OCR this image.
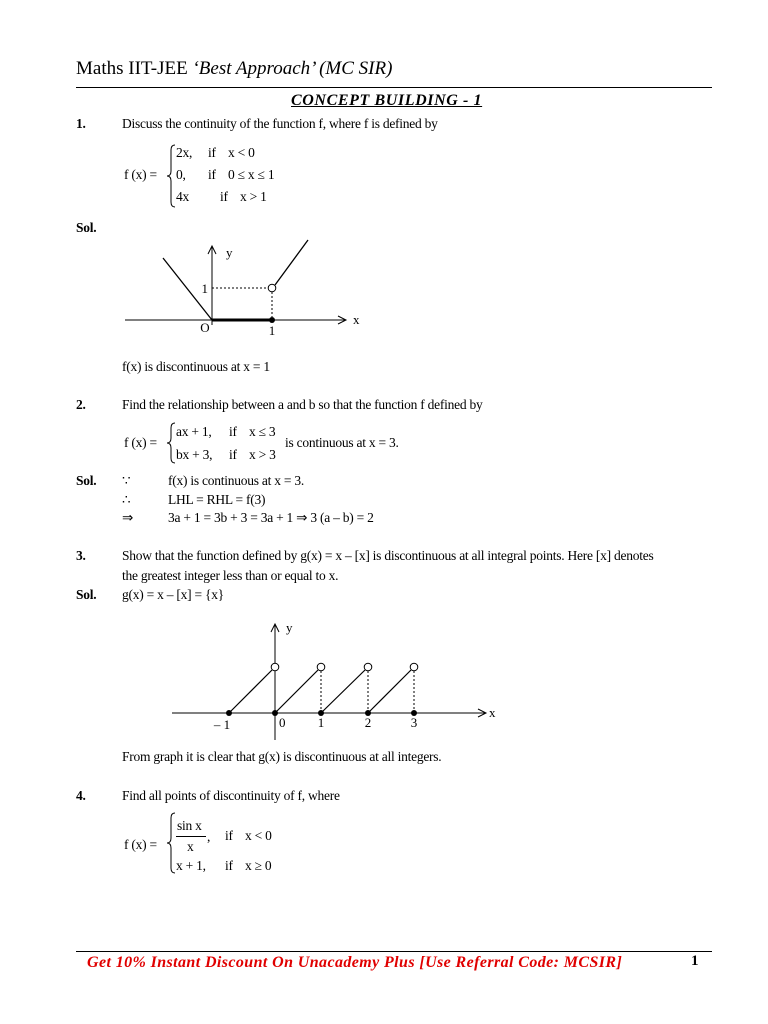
Maths IIT-JEE ‘Best Approach’ (MC SIR)
CONCEPT BUILDING - 1
1.	Discuss the continuity of the function f, where f is defined by
f (x) =
2x, if x < 0
0, if 0 ≤ x ≤ 1
4x if x > 1
Sol.
y
x
1
O	1
f(x) is discontinuous at x = 1
2.	Find the relationship between a and b so that the function f defined by
f (x) =
ax + 1, if x ≤ 3
bx + 3, if x > 3
is continuous at x = 3.
Sol. ∵	f(x) is continuous at x = 3.
∴	LHL = RHL = f(3)
⇒	3a + 1 = 3b + 3 = 3a + 1 ⇒ 3 (a – b) = 2
3.	Show that the function defined by g(x) = x – [x] is discontinuous at all integral points. Here [x] denotes
the greatest integer less than or equal to x.
Sol. g(x) = x – [x] = {x}
y
x
– 1	0 1	2	3
From graph it is clear that g(x) is discontinuous at all integers.
4.	Find all points of discontinuity of f, where
f (x) =
sin x
x
, if x < 0
x + 1, if x ≥ 0
Get 10% Instant Discount On Unacademy Plus [Use Referral Code: MCSIR]	1
